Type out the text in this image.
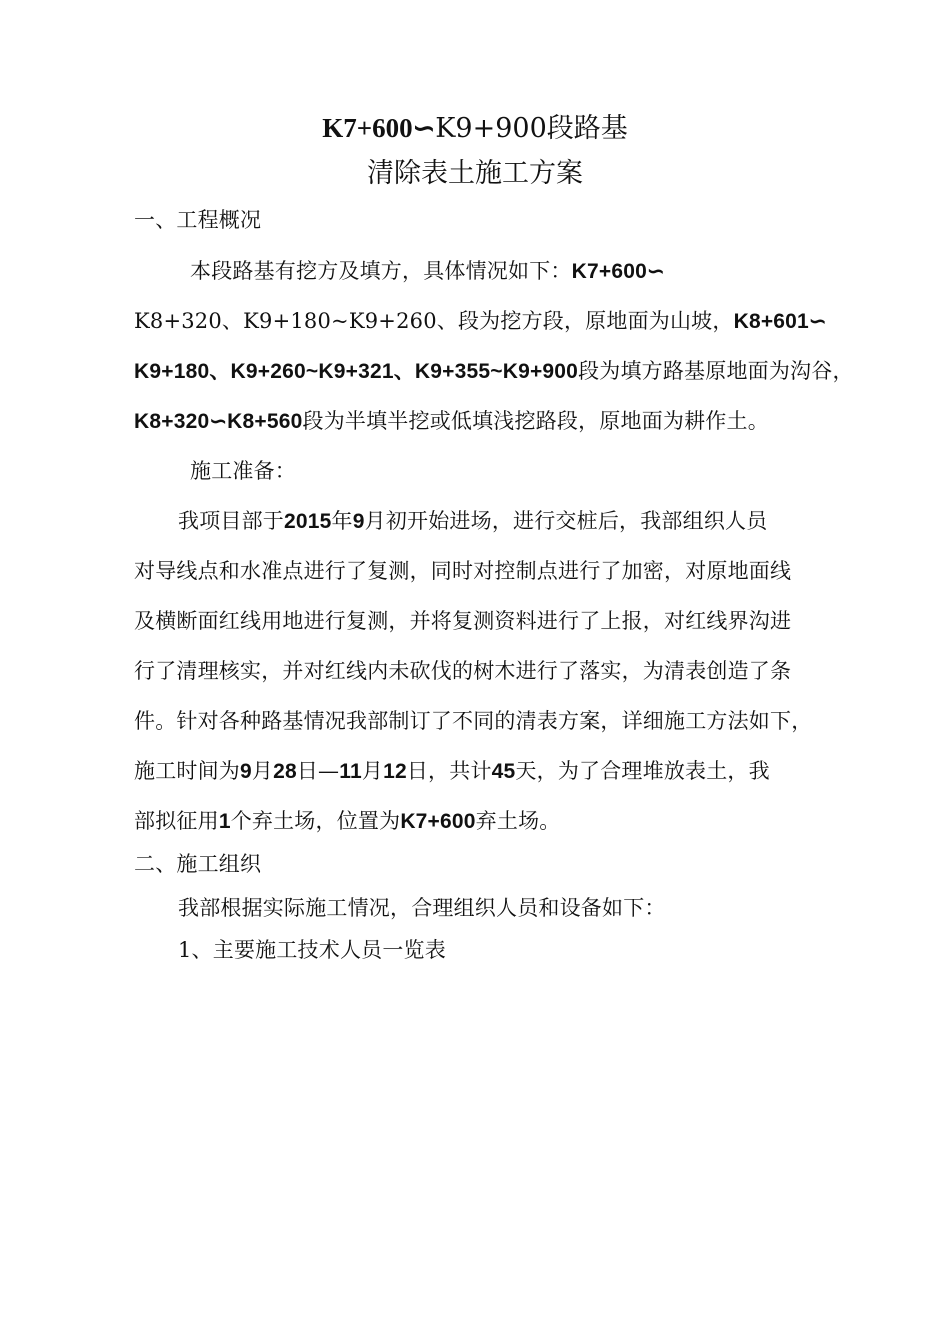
K7+600∽K9+900段路基
清除表土施工方案
一、工程概况
本段路基有挖方及填方，具体情况如下：K7+600∽
K8+320、K9+180~K9+260、段为挖方段，原地面为山坡，K8+601∽
K9+180、K9+260~K9+321、K9+355~K9+900段为填方路基原地面为沟谷，
K8+320∽K8+560段为半填半挖或低填浅挖路段，原地面为耕作土。
施工准备：
我项目部于2015年9月初开始进场，进行交桩后，我部组织人员
对导线点和水准点进行了复测，同时对控制点进行了加密，对原地面线
及横断面红线用地进行复测，并将复测资料进行了上报，对红线界沟进
行了清理核实，并对红线内未砍伐的树木进行了落实，为清表创造了条
件。针对各种路基情况我部制订了不同的清表方案，详细施工方法如下，
施工时间为9月28日—11月12日，共计45天，为了合理堆放表土，我
部拟征用1个弃土场，位置为K7+600弃土场。
二、施工组织
我部根据实际施工情况，合理组织人员和设备如下：
1、主要施工技术人员一览表
